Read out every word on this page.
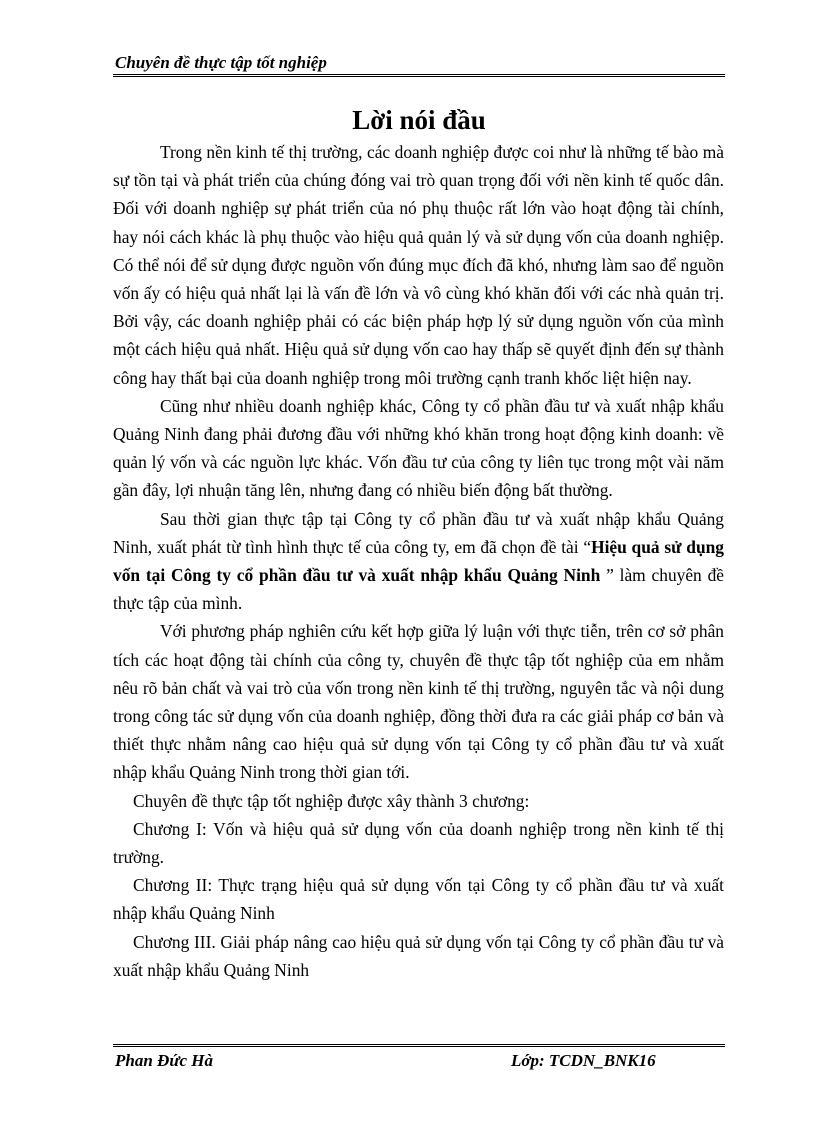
Chuyên đề thực tập tốt nghiệp
Lời nói đầu

Trong nền kinh tế thị trường, các doanh nghiệp được coi như là những tế bào mà sự tồn tại và phát triển của chúng đóng vai trò quan trọng đối với nền kinh tế quốc dân. Đối với doanh nghiệp sự phát triển của nó phụ thuộc rất lớn vào hoạt động tài chính, hay nói cách khác là phụ thuộc vào hiệu quả quản lý và sử dụng vốn của doanh nghiệp. Có thể nói để sử dụng được nguồn vốn đúng mục đích đã khó, nhưng làm sao để nguồn vốn ấy có hiệu quả nhất lại là vấn đề lớn và vô cùng khó khăn đối với các nhà quản trị. Bởi vậy, các doanh nghiệp phải có các biện pháp hợp lý sử dụng nguồn vốn của mình một cách hiệu quả nhất. Hiệu quả sử dụng vốn cao hay thấp sẽ quyết định đến sự thành công hay thất bại của doanh nghiệp trong môi trường cạnh tranh khốc liệt hiện nay.

Cũng như nhiều doanh nghiệp khác, Công ty cổ phần đầu tư và xuất nhập khẩu Quảng Ninh đang phải đương đầu với những khó khăn trong hoạt động kinh doanh: về quản lý vốn và các nguồn lực khác. Vốn đầu tư của công ty liên tục trong một vài năm gần đây, lợi nhuận tăng lên, nhưng đang có nhiều biến động bất thường.

Sau thời gian thực tập tại Công ty cổ phần đầu tư và xuất nhập khẩu Quảng Ninh, xuất phát từ tình hình thực tế của công ty, em đã chọn đề tài “Hiệu quả sử dụng vốn tại Công ty cổ phần đầu tư và xuất nhập khẩu Quảng Ninh ” làm chuyên đề thực tập của mình.

Với phương pháp nghiên cứu kết hợp giữa lý luận với thực tiễn, trên cơ sở phân tích các hoạt động tài chính của công ty, chuyên đề thực tập tốt nghiệp của em nhằm nêu rõ bản chất và vai trò của vốn trong nền kinh tế thị trường, nguyên tắc và nội dung trong công tác sử dụng vốn của doanh nghiệp, đồng thời đưa ra các giải pháp cơ bản và thiết thực nhằm nâng cao hiệu quả sử dụng vốn tại Công ty cổ phần đầu tư và xuất nhập khẩu Quảng Ninh trong thời gian tới.

Chuyên đề thực tập tốt nghiệp được xây thành 3 chương:

Chương I: Vốn và hiệu quả sử dụng vốn của doanh nghiệp trong nền kinh tế thị trường.

Chương II: Thực trạng hiệu quả sử dụng vốn tại Công ty cổ phần đầu tư và xuất nhập khẩu Quảng Ninh

Chương III. Giải pháp nâng cao hiệu quả sử dụng vốn tại Công ty cổ phần đầu tư và xuất nhập khẩu Quảng Ninh

Phan Đức Hà	Lớp: TCDN_BNK16
